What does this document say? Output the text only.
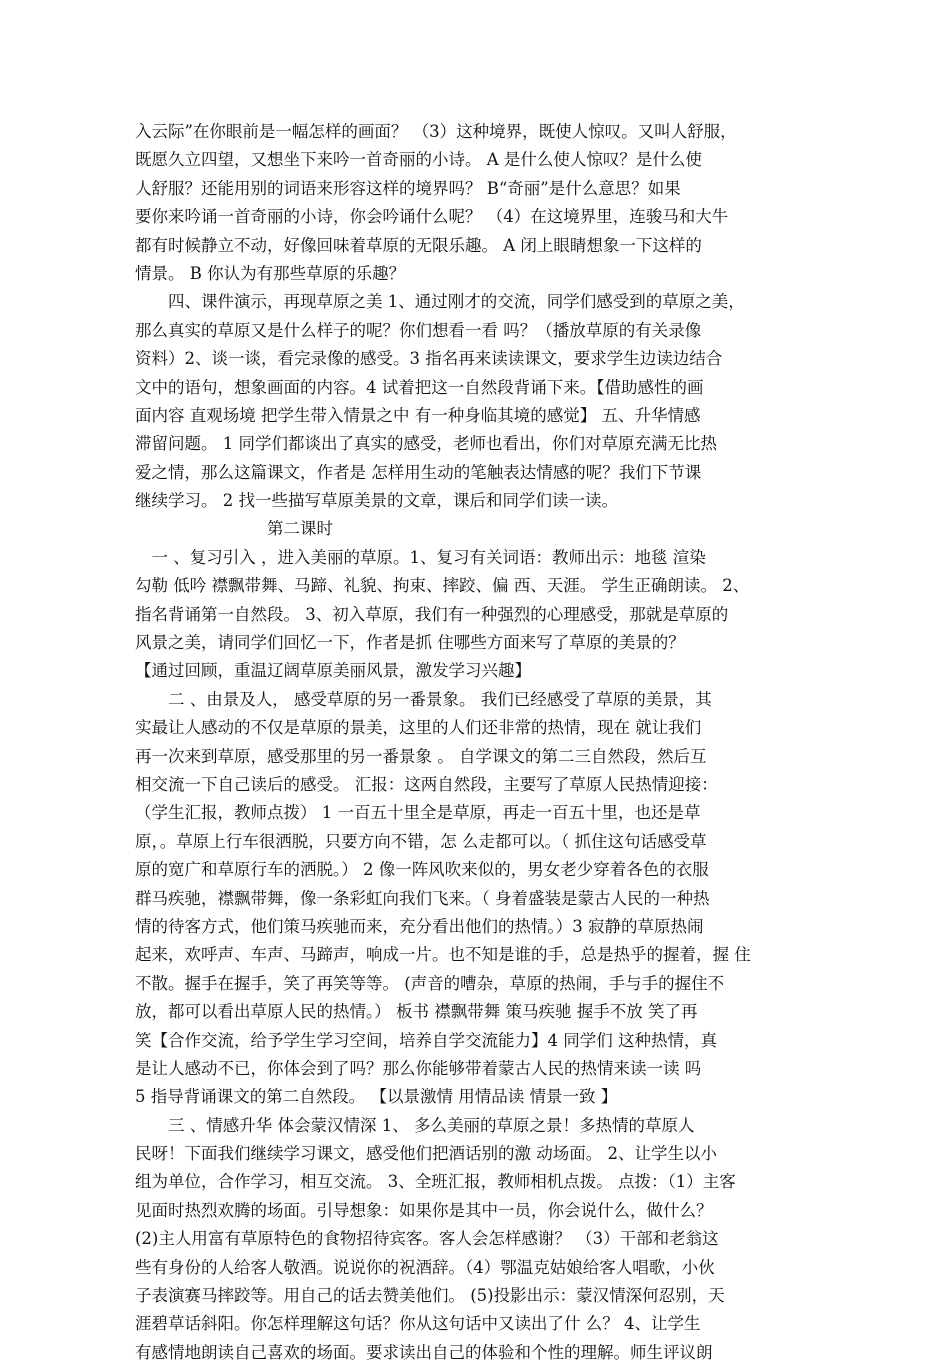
入云际”在你眼前是一幅怎样的画面？ （3）这种境界，既使人惊叹。又叫人舒服，
既愿久立四望，又想坐下来吟一首奇丽的小诗。 A 是什么使人惊叹？是什么使
人舒服？还能用别的词语来形容这样的境界吗？ B“奇丽”是什么意思？如果
要你来吟诵一首奇丽的小诗，你会吟诵什么呢？ （4）在这境界里，连骏马和大牛
都有时候静立不动，好像回味着草原的无限乐趣。 A 闭上眼睛想象一下这样的
情景。 B 你认为有那些草原的乐趣？
　　四、课件演示，再现草原之美 1、通过刚才的交流，同学们感受到的草原之美，
那么真实的草原又是什么样子的呢？你们想看一看 吗？（播放草原的有关录像
资料）2、谈一谈，看完录像的感受。3 指名再来读读课文，要求学生边读边结合
文中的语句，想象画面的内容。4 试着把这一自然段背诵下来。【借助感性的画
面内容 直观场境 把学生带入情景之中 有一种身临其境的感觉】 五、升华情感
滞留问题。 1 同学们都谈出了真实的感受，老师也看出，你们对草原充满无比热
爱之情，那么这篇课文，作者是 怎样用生动的笔触表达情感的呢？我们下节课
继续学习。 2 找一些描写草原美景的文章，课后和同学们读一读。
　　　　　　　　第二课时
　一 、复习引入 ，进入美丽的草原。1、复习有关词语：教师出示：地毯 渲染
勾勒 低吟 襟飘带舞、马蹄、礼貌、拘束、摔跤、偏 西、天涯。 学生正确朗读。 2、
指名背诵第一自然段。 3、初入草原，我们有一种强烈的心理感受，那就是草原的
风景之美，请同学们回忆一下，作者是抓 住哪些方面来写了草原的美景的？
【通过回顾，重温辽阔草原美丽风景，激发学习兴趣】
　　二 、由景及人， 感受草原的另一番景象。 我们已经感受了草原的美景，其
实最让人感动的不仅是草原的景美，这里的人们还非常的热情，现在 就让我们
再一次来到草原，感受那里的另一番景象 。 自学课文的第二三自然段，然后互
相交流一下自己读后的感受。 汇报：这两自然段，主要写了草原人民热情迎接：
（学生汇报，教师点拨） 1 一百五十里全是草原，再走一百五十里，也还是草
原，。草原上行车很洒脱，只要方向不错，怎 么走都可以。（ 抓住这句话感受草
原的宽广和草原行车的洒脱。） 2 像一阵风吹来似的，男女老少穿着各色的衣服
群马疾驰，襟飘带舞，像一条彩虹向我们飞来。（ 身着盛装是蒙古人民的一种热
情的待客方式，他们策马疾驰而来，充分看出他们的热情。）3 寂静的草原热闹
起来，欢呼声、车声、马蹄声，响成一片。也不知是谁的手，总是热乎的握着，握 住
不散。握手在握手，笑了再笑等等。 (声音的嘈杂，草原的热闹，手与手的握住不
放，都可以看出草原人民的热情。） 板书 襟飘带舞 策马疾驰 握手不放 笑了再
笑【合作交流，给予学生学习空间，培养自学交流能力】4 同学们 这种热情，真
是让人感动不已，你体会到了吗？那么你能够带着蒙古人民的热情来读一读 吗
5 指导背诵课文的第二自然段。 【以景激情 用情品读 情景一致 】
　　三 、情感升华 体会蒙汉情深 1、 多么美丽的草原之景！多热情的草原人
民呀！下面我们继续学习课文，感受他们把酒话别的激 动场面。 2、让学生以小
组为单位，合作学习，相互交流。 3、全班汇报，教师相机点拨。 点拨：（1）主客
见面时热烈欢腾的场面。引导想象：如果你是其中一员，你会说什么，做什么？
(2)主人用富有草原特色的食物招待宾客。客人会怎样感谢？ （3）干部和老翁这
些有身份的人给客人敬酒。说说你的祝酒辞。（4）鄂温克姑娘给客人唱歌，小伙
子表演赛马摔跤等。用自己的话去赞美他们。 (5)投影出示：蒙汉情深何忍别，天
涯碧草话斜阳。你怎样理解这句话？你从这句话中又读出了什 么？ 4、让学生
有感情地朗读自己喜欢的场面。要求读出自己的体验和个性的理解。师生评议朗
